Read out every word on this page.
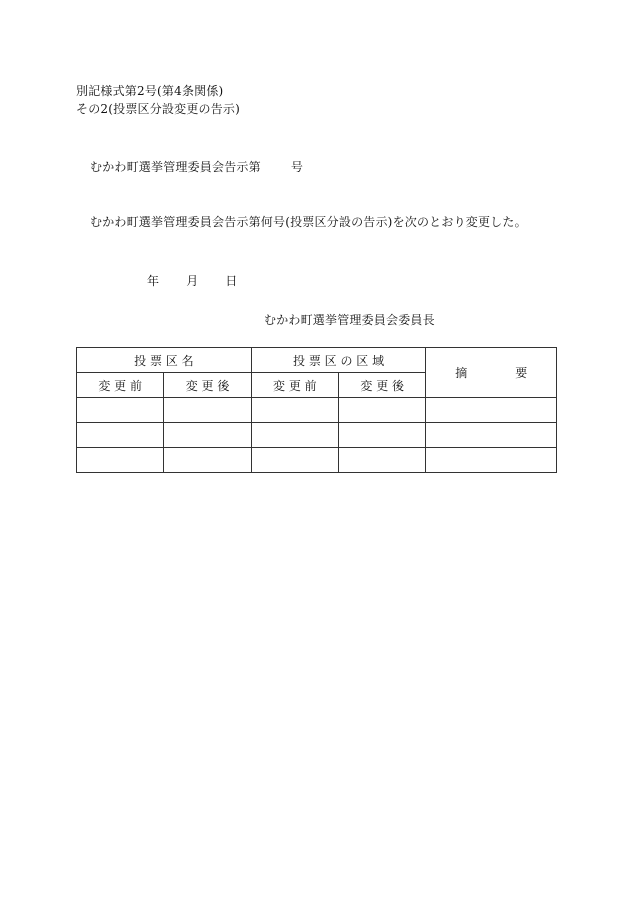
別記様式第2号(第4条関係)
その2(投票区分設変更の告示)
むかわ町選挙管理委員会告示第	号
むかわ町選挙管理委員会告示第何号(投票区分設の告示)を次のとおり変更した。
年 月 日
むかわ町選挙管理委員会委員長
投 票 区 名		投 票 区 の 区 域		摘　　　　要
変 更 前	変 更 後	変 更 前	変 更 後	
